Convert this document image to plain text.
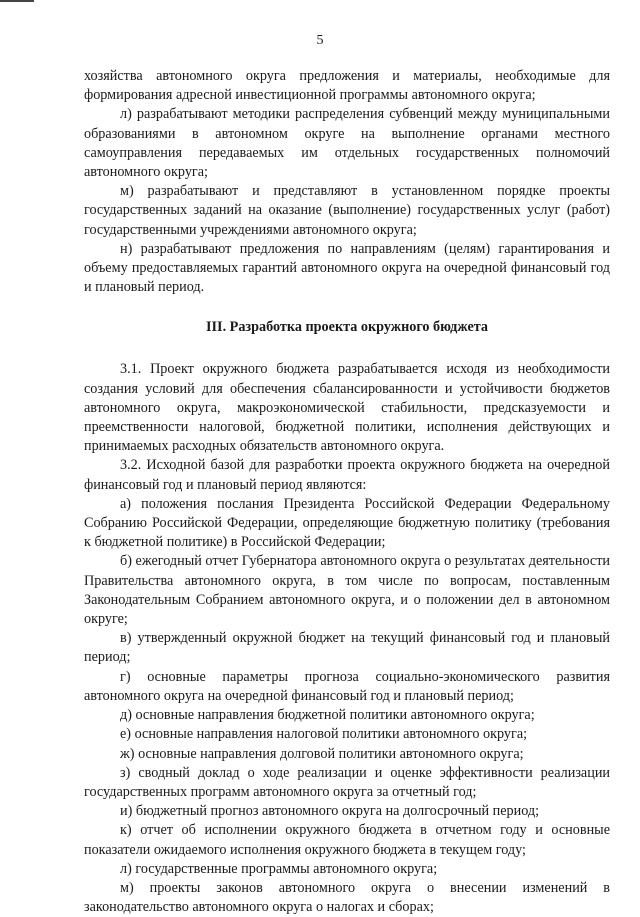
5

хозяйства автономного округа предложения и материалы, необходимые для формирования адресной инвестиционной программы автономного округа;

л) разрабатывают методики распределения субвенций между муниципальными образованиями в автономном округе на выполнение органами местного самоуправления передаваемых им отдельных государственных полномочий автономного округа;

м) разрабатывают и представляют в установленном порядке проекты государственных заданий на оказание (выполнение) государственных услуг (работ) государственными учреждениями автономного округа;

н) разрабатывают предложения по направлениям (целям) гарантирования и объему предоставляемых гарантий автономного округа на очередной финансовый год и плановый период.

III. Разработка проекта окружного бюджета

3.1. Проект окружного бюджета разрабатывается исходя из необходимости создания условий для обеспечения сбалансированности и устойчивости бюджетов автономного округа, макроэкономической стабильности, предсказуемости и преемственности налоговой, бюджетной политики, исполнения действующих и принимаемых расходных обязательств автономного округа.

3.2. Исходной базой для разработки проекта окружного бюджета на очередной финансовый год и плановый период являются:

а) положения послания Президента Российской Федерации Федеральному Собранию Российской Федерации, определяющие бюджетную политику (требования к бюджетной политике) в Российской Федерации;

б) ежегодный отчет Губернатора автономного округа о результатах деятельности Правительства автономного округа, в том числе по вопросам, поставленным Законодательным Собранием автономного округа, и о положении дел в автономном округе;

в) утвержденный окружной бюджет на текущий финансовый год и плановый период;

г) основные параметры прогноза социально-экономического развития автономного округа на очередной финансовый год и плановый период;

д) основные направления бюджетной политики автономного округа;

е) основные направления налоговой политики автономного округа;

ж) основные направления долговой политики автономного округа;

з) сводный доклад о ходе реализации и оценке эффективности реализации государственных программ автономного округа за отчетный год;

и) бюджетный прогноз автономного округа на долгосрочный период;

к) отчет об исполнении окружного бюджета в отчетном году и основные показатели ожидаемого исполнения окружного бюджета в текущем году;

л) государственные программы автономного округа;

м) проекты законов автономного округа о внесении изменений в законодательство автономного округа о налогах и сборах;
